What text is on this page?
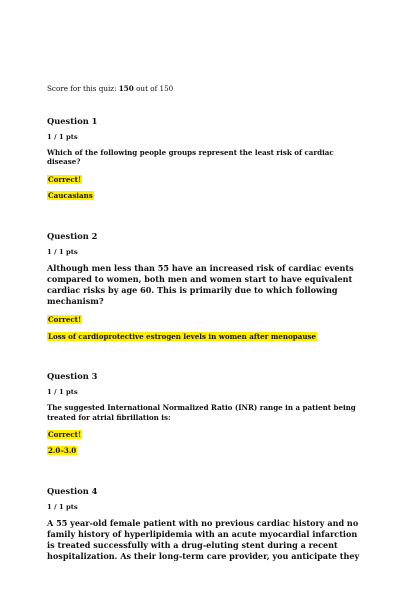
Score for this quiz: 150 out of 150
Question 1
1 / 1 pts
Which of the following people groups represent the least risk of cardiac disease?
Correct!
Caucasians
Question 2
1 / 1 pts
Although men less than 55 have an increased risk of cardiac events compared to women, both men and women start to have equivalent cardiac risks by age 60. This is primarily due to which following mechanism?
Correct!
Loss of cardioprotective estrogen levels in women after menopause
Question 3
1 / 1 pts
The suggested International Normalized Ratio (INR) range in a patient being treated for atrial fibrillation is:
Correct!
2.0–3.0
Question 4
1 / 1 pts
A 55 year-old female patient with no previous cardiac history and no family history of hyperlipidemia with an acute myocardial infarction is treated successfully with a drug-eluting stent during a recent hospitalization. As their long-term care provider, you anticipate they
